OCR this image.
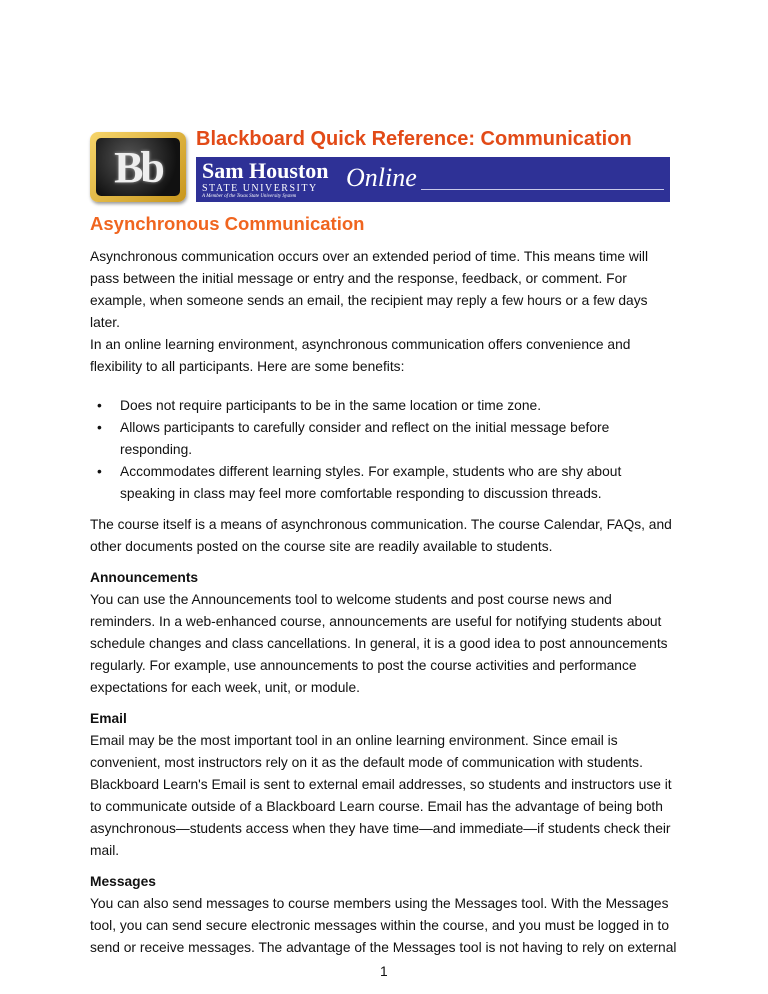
Bb
Blackboard Quick Reference: Communication
Sam Houston
STATE UNIVERSITY
A Member of the Texas State University System
Online
Asynchronous Communication
Asynchronous communication occurs over an extended period of time. This means time will
pass between the initial message or entry and the response, feedback, or comment. For
example, when someone sends an email, the recipient may reply a few hours or a few days
later.
In an online learning environment, asynchronous communication offers convenience and
flexibility to all participants. Here are some benefits:
• Does not require participants to be in the same location or time zone.
• Allows participants to carefully consider and reflect on the initial message before
responding.
• Accommodates different learning styles. For example, students who are shy about
speaking in class may feel more comfortable responding to discussion threads.
The course itself is a means of asynchronous communication. The course Calendar, FAQs, and
other documents posted on the course site are readily available to students.
Announcements
You can use the Announcements tool to welcome students and post course news and
reminders. In a web-enhanced course, announcements are useful for notifying students about
schedule changes and class cancellations. In general, it is a good idea to post announcements
regularly. For example, use announcements to post the course activities and performance
expectations for each week, unit, or module.
Email
Email may be the most important tool in an online learning environment. Since email is
convenient, most instructors rely on it as the default mode of communication with students.
Blackboard Learn's Email is sent to external email addresses, so students and instructors use it
to communicate outside of a Blackboard Learn course. Email has the advantage of being both
asynchronous—students access when they have time—and immediate—if students check their
mail.
Messages
You can also send messages to course members using the Messages tool. With the Messages
tool, you can send secure electronic messages within the course, and you must be logged in to
send or receive messages. The advantage of the Messages tool is not having to rely on external
1
